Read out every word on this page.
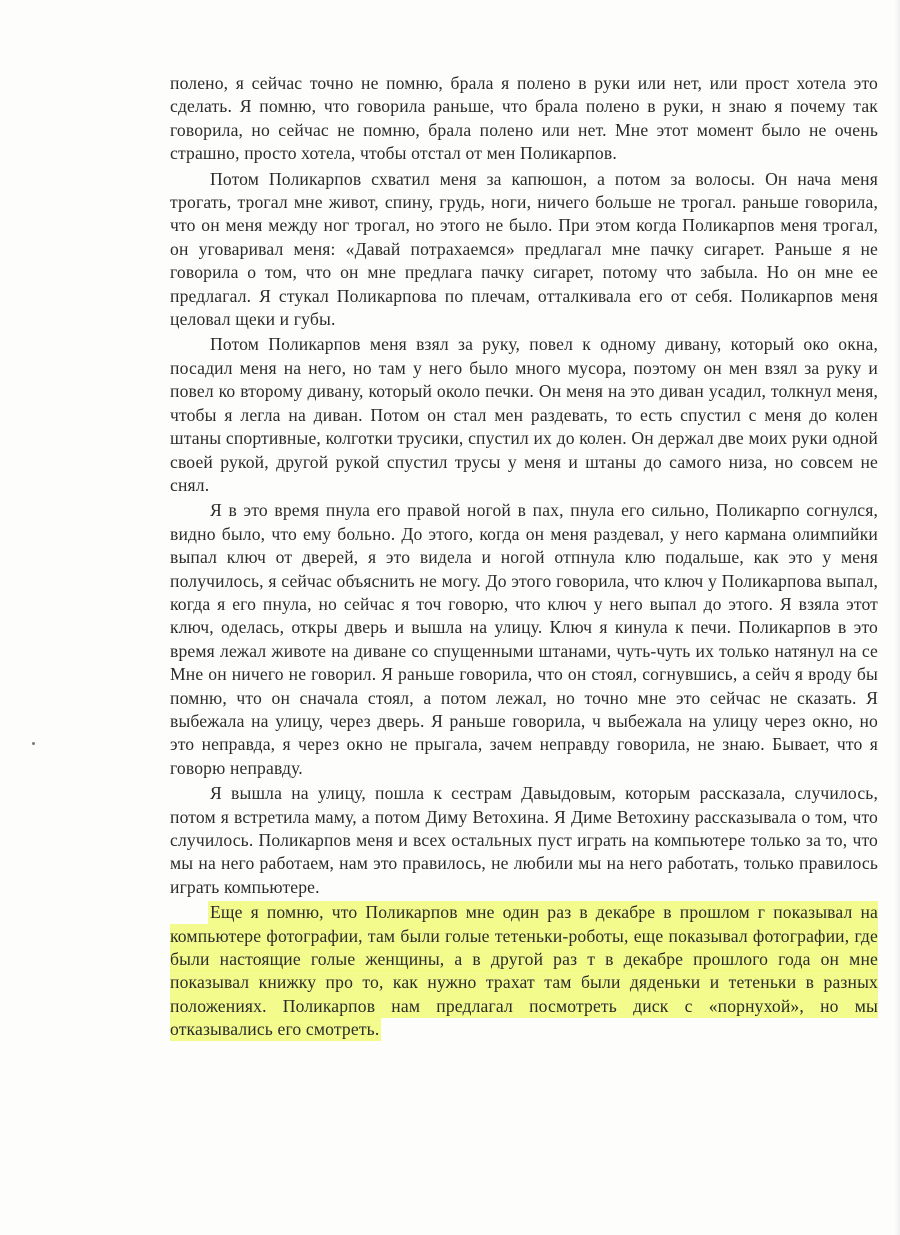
полено, я сейчас точно не помню, брала я полено в руки или нет, или прост хотела это сделать. Я помню, что говорила раньше, что брала полено в руки, н знаю я почему так говорила, но сейчас не помню, брала полено или нет. Мне этот момент было не очень страшно, просто хотела, чтобы отстал от мен Поликарпов.

Потом Поликарпов схватил меня за капюшон, а потом за волосы. Он нача меня трогать, трогал мне живот, спину, грудь, ноги, ничего больше не трогал. раньше говорила, что он меня между ног трогал, но этого не было. При этом когда Поликарпов меня трогал, он уговаривал меня: «Давай потрахаемся» предлагал мне пачку сигарет. Раньше я не говорила о том, что он мне предлага пачку сигарет, потому что забыла. Но он мне ее предлагал. Я стукал Поликарпова по плечам, отталкивала его от себя. Поликарпов меня целовал щеки и губы.

Потом Поликарпов меня взял за руку, повел к одному дивану, который око окна, посадил меня на него, но там у него было много мусора, поэтому он мен взял за руку и повел ко второму дивану, который около печки. Он меня на это диван усадил, толкнул меня, чтобы я легла на диван. Потом он стал мен раздевать, то есть спустил с меня до колен штаны спортивные, колготки трусики, спустил их до колен. Он держал две моих руки одной своей рукой, другой рукой спустил трусы у меня и штаны до самого низа, но совсем не снял.

Я в это время пнула его правой ногой в пах, пнула его сильно, Поликарпо согнулся, видно было, что ему больно. До этого, когда он меня раздевал, у него кармана олимпийки выпал ключ от дверей, я это видела и ногой отпнула клю подальше, как это у меня получилось, я сейчас объяснить не могу. До этого говорила, что ключ у Поликарпова выпал, когда я его пнула, но сейчас я точ говорю, что ключ у него выпал до этого. Я взяла этот ключ, оделась, откры дверь и вышла на улицу. Ключ я кинула к печи. Поликарпов в это время лежал животе на диване со спущенными штанами, чуть-чуть их только натянул на се Мне он ничего не говорил. Я раньше говорила, что он стоял, согнувшись, а сейч я вроду бы помню, что он сначала стоял, а потом лежал, но точно мне это сейчас не сказать. Я выбежала на улицу, через дверь. Я раньше говорила, ч выбежала на улицу через окно, но это неправда, я через окно не прыгала, зачем неправду говорила, не знаю. Бывает, что я говорю неправду.

Я вышла на улицу, пошла к сестрам Давыдовым, которым рассказала, случилось, потом я встретила маму, а потом Диму Ветохина. Я Диме Ветохину рассказывала о том, что случилось. Поликарпов меня и всех остальных пуст играть на компьютере только за то, что мы на него работаем, нам это правилось, не любили мы на него работать, только правилось играть компьютере.

Еще я помню, что Поликарпов мне один раз в декабре в прошлом г показывал на компьютере фотографии, там были голые тетеньки-роботы, еще показывал фотографии, где были настоящие голые женщины, а в другой раз т в декабре прошлого года он мне показывал книжку про то, как нужно трахат там были дяденьки и тетеньки в разных положениях. Поликарпов нам предлагал посмотреть диск с «порнухой», но мы отказывались его смотреть.
